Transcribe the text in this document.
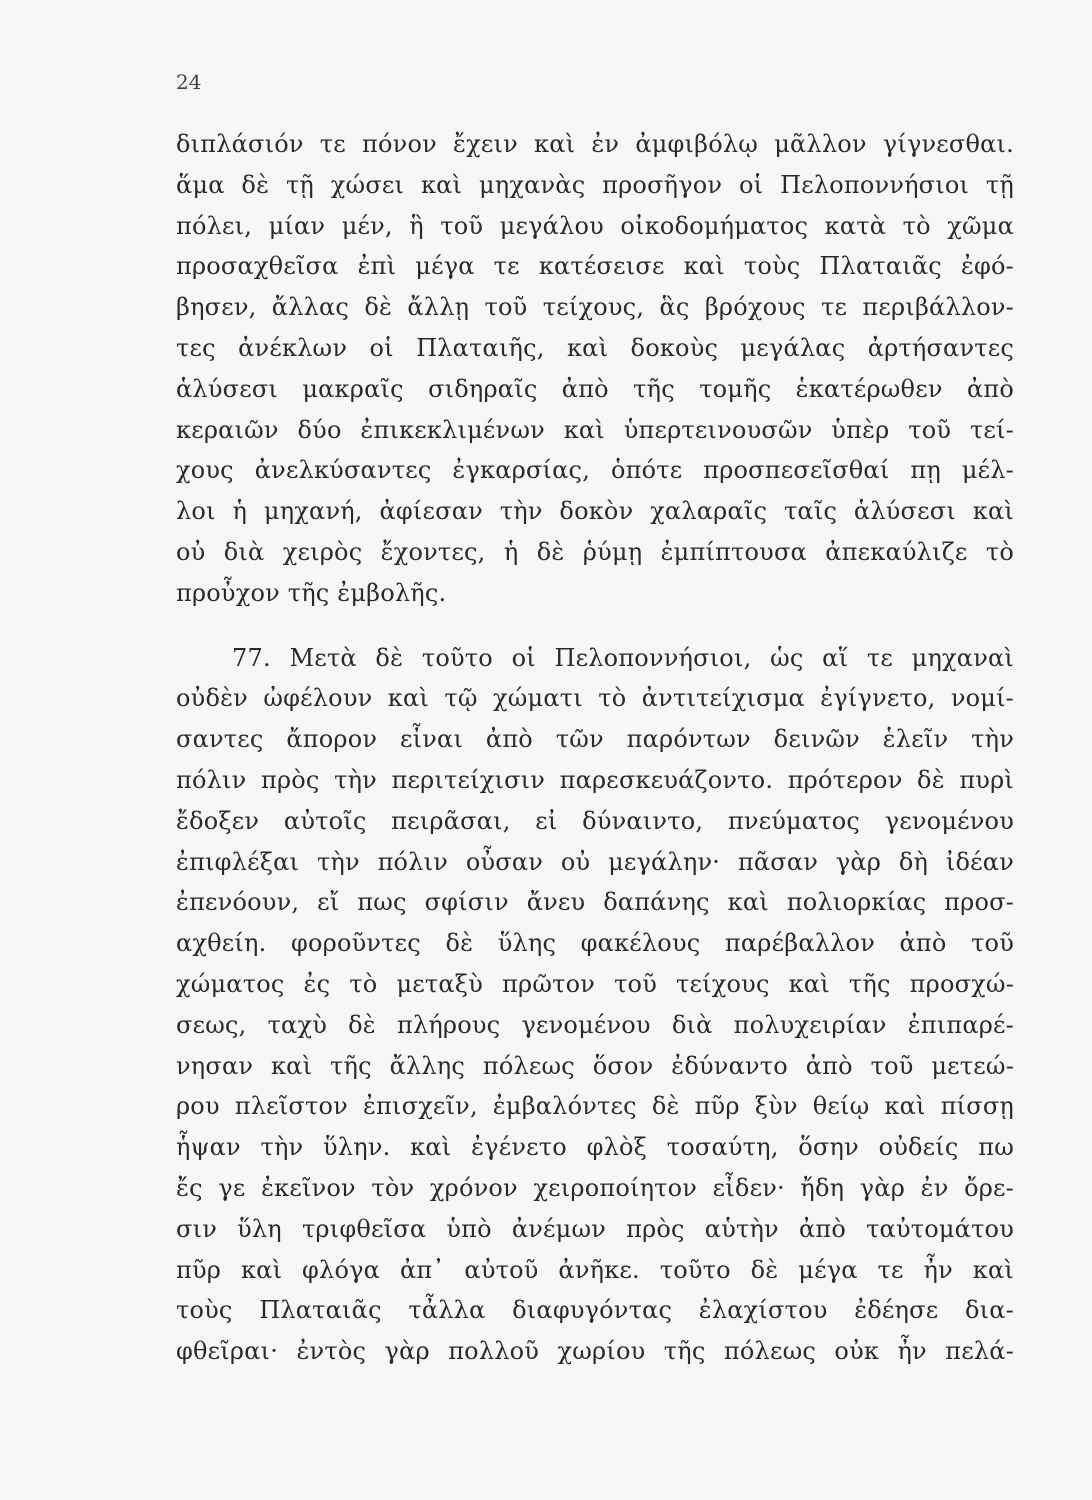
24
διπλάσιόν τε πόνον ἔχειν καὶ ἐν ἀμφιβόλῳ μᾶλλον γίγνεσθαι.
ἅμα δὲ τῇ χώσει καὶ μηχανὰς προσῆγον οἱ Πελοποννήσιοι τῇ
πόλει, μίαν μέν, ἣ τοῦ μεγάλου οἰκοδομήματος κατὰ τὸ χῶμα
προσαχθεῖσα ἐπὶ μέγα τε κατέσεισε καὶ τοὺς Πλαταιᾶς ἐφό-
βησεν, ἄλλας δὲ ἄλλῃ τοῦ τείχους, ἃς βρόχους τε περιβάλλον-
τες ἀνέκλων οἱ Πλαταιῆς, καὶ δοκοὺς μεγάλας ἀρτήσαντες
ἁλύσεσι μακραῖς σιδηραῖς ἀπὸ τῆς τομῆς ἑκατέρωθεν ἀπὸ
κεραιῶν δύο ἐπικεκλιμένων καὶ ὑπερτεινουσῶν ὑπὲρ τοῦ τεί-
χους ἀνελκύσαντες ἐγκαρσίας, ὁπότε προσπεσεῖσθαί πῃ μέλ-
λοι ἡ μηχανή, ἀφίεσαν τὴν δοκὸν χαλαραῖς ταῖς ἁλύσεσι καὶ
οὐ διὰ χειρὸς ἔχοντες, ἡ δὲ ῥύμῃ ἐμπίπτουσα ἀπεκαύλιζε τὸ
προὖχον τῆς ἐμβολῆς.
77. Μετὰ δὲ τοῦτο οἱ Πελοποννήσιοι, ὡς αἵ τε μηχαναὶ
οὐδὲν ὠφέλουν καὶ τῷ χώματι τὸ ἀντιτείχισμα ἐγίγνετο, νομί-
σαντες ἄπορον εἶναι ἀπὸ τῶν παρόντων δεινῶν ἑλεῖν τὴν
πόλιν πρὸς τὴν περιτείχισιν παρεσκευάζοντο. πρότερον δὲ πυρὶ
ἔδοξεν αὐτοῖς πειρᾶσαι, εἰ δύναιντο, πνεύματος γενομένου
ἐπιφλέξαι τὴν πόλιν οὖσαν οὐ μεγάλην· πᾶσαν γὰρ δὴ ἰδέαν
ἐπενόουν, εἴ πως σφίσιν ἄνευ δαπάνης καὶ πολιορκίας προσ-
αχθείη. φοροῦντες δὲ ὕλης φακέλους παρέβαλλον ἀπὸ τοῦ
χώματος ἐς τὸ μεταξὺ πρῶτον τοῦ τείχους καὶ τῆς προσχώ-
σεως, ταχὺ δὲ πλήρους γενομένου διὰ πολυχειρίαν ἐπιπαρέ-
νησαν καὶ τῆς ἄλλης πόλεως ὅσον ἐδύναντο ἀπὸ τοῦ μετεώ-
ρου πλεῖστον ἐπισχεῖν, ἐμβαλόντες δὲ πῦρ ξὺν θείῳ καὶ πίσσῃ
ἧψαν τὴν ὕλην. καὶ ἐγένετο φλὸξ τοσαύτη, ὅσην οὐδείς πω
ἔς γε ἐκεῖνον τὸν χρόνον χειροποίητον εἶδεν· ἤδη γὰρ ἐν ὄρε-
σιν ὕλη τριφθεῖσα ὑπὸ ἀνέμων πρὸς αὑτὴν ἀπὸ ταὐτομάτου
πῦρ καὶ φλόγα ἀπ᾽ αὐτοῦ ἀνῆκε. τοῦτο δὲ μέγα τε ἦν καὶ
τοὺς Πλαταιᾶς τἆλλα διαφυγόντας ἐλαχίστου ἐδέησε δια-
φθεῖραι· ἐντὸς γὰρ πολλοῦ χωρίου τῆς πόλεως οὐκ ἦν πελά-
